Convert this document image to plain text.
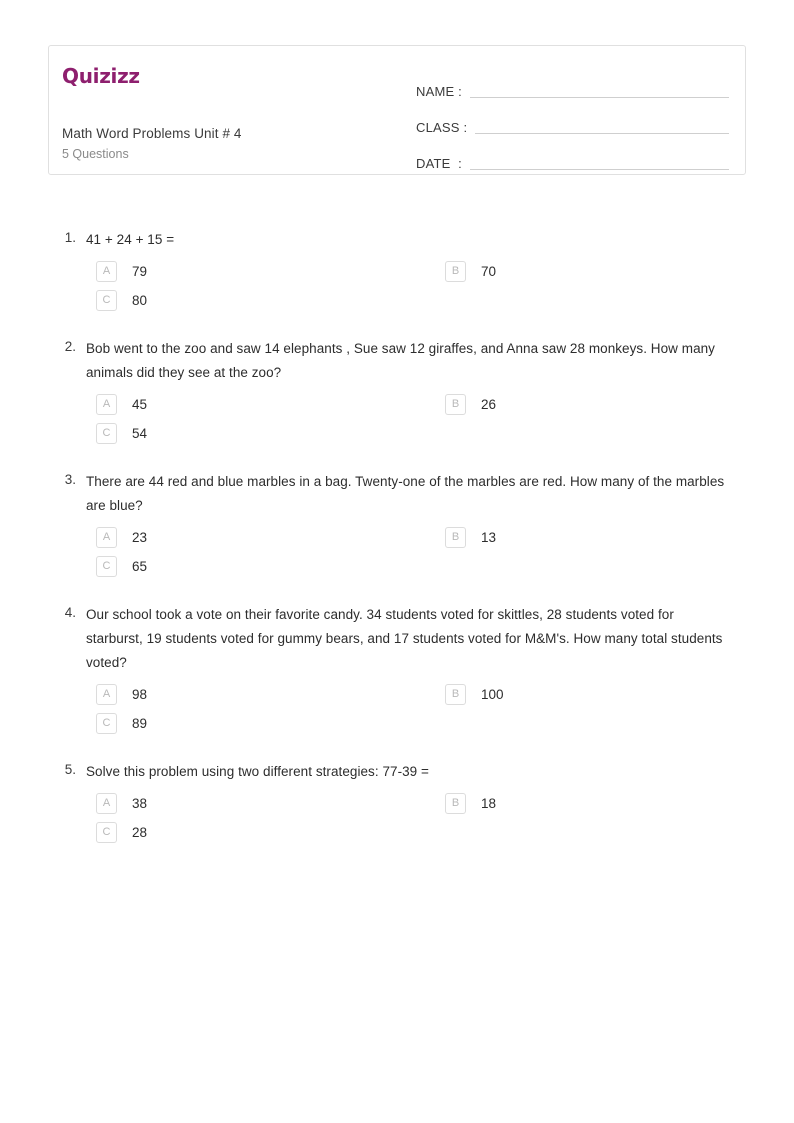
Quizizz
Math Word Problems Unit # 4
5 Questions
NAME :
CLASS :
DATE  :
1. 41 + 24 + 15 =
A	79	B	70
C	80
2. Bob went to the zoo and saw 14 elephants , Sue saw 12 giraffes, and Anna saw 28 monkeys. How many animals did they see at the zoo?
A	45	B	26
C	54
3. There are 44 red and blue marbles in a bag. Twenty-one of the marbles are red. How many of the marbles are blue?
A	23	B	13
C	65
4. Our school took a vote on their favorite candy. 34 students voted for skittles, 28 students voted for starburst, 19 students voted for gummy bears, and 17 students voted for M&M's. How many total students voted?
A	98	B	100
C	89
5. Solve this problem using two different strategies: 77-39 =
A	38	B	18
C	28
